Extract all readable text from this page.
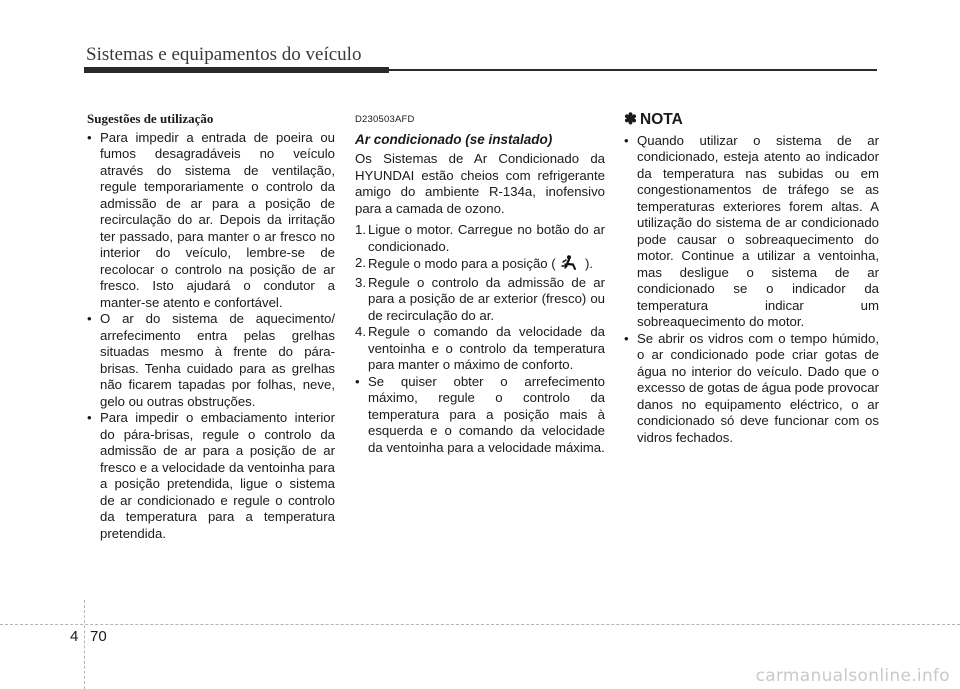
Sistemas e equipamentos do veículo
Sugestões de utilização
• Para impedir a entrada de poeira ou fumos desagradáveis no veículo através do sistema de ventilação, regule temporariamente o controlo da admissão de ar para a posição de recirculação do ar. Depois da irritação ter passado, para manter o ar fresco no interior do veículo, lembre-se de recolocar o controlo na posição de ar fresco. Isto ajudará o condutor a manter-se atento e confortável.
• O ar do sistema de aquecimento/ arrefecimento entra pelas grelhas situadas mesmo à frente do pára-brisas. Tenha cuidado para as grelhas não ficarem tapadas por folhas, neve, gelo ou outras obstruções.
• Para impedir o embaciamento interior do pára-brisas, regule o controlo da admissão de ar para a posição de ar fresco e a velocidade da ventoinha para a posição pretendida, ligue o sistema de ar condicionado e regule o controlo da temperatura para a temperatura pretendida.
D230503AFD
Ar condicionado (se instalado)
Os Sistemas de Ar Condicionado da HYUNDAI estão cheios com refrigerante amigo do ambiente R-134a, inofensivo para a camada de ozono.
1. Ligue o motor. Carregue no botão do ar condicionado.
2. Regule o modo para a posição ( ).
3. Regule o controlo da admissão de ar para a posição de ar exterior (fresco) ou de recirculação do ar.
4. Regule o comando da velocidade da ventoinha e o controlo da temperatura para manter o máximo de conforto.
• Se quiser obter o arrefecimento máximo, regule o controlo da temperatura para a posição mais à esquerda e o comando da velocidade da ventoinha para a velocidade máxima.
✽ NOTA
• Quando utilizar o sistema de ar condicionado, esteja atento ao indicador da temperatura nas subidas ou em congestionamentos de tráfego se as temperaturas exteriores forem altas. A utilização do sistema de ar condicionado pode causar o sobreaquecimento do motor. Continue a utilizar a ventoinha, mas desligue o sistema de ar condicionado se o indicador da temperatura indicar um sobreaquecimento do motor.
• Se abrir os vidros com o tempo húmido, o ar condicionado pode criar gotas de água no interior do veículo. Dado que o excesso de gotas de água pode provocar danos no equipamento eléctrico, o ar condicionado só deve funcionar com os vidros fechados.
4 70
carmanualsonline.info
